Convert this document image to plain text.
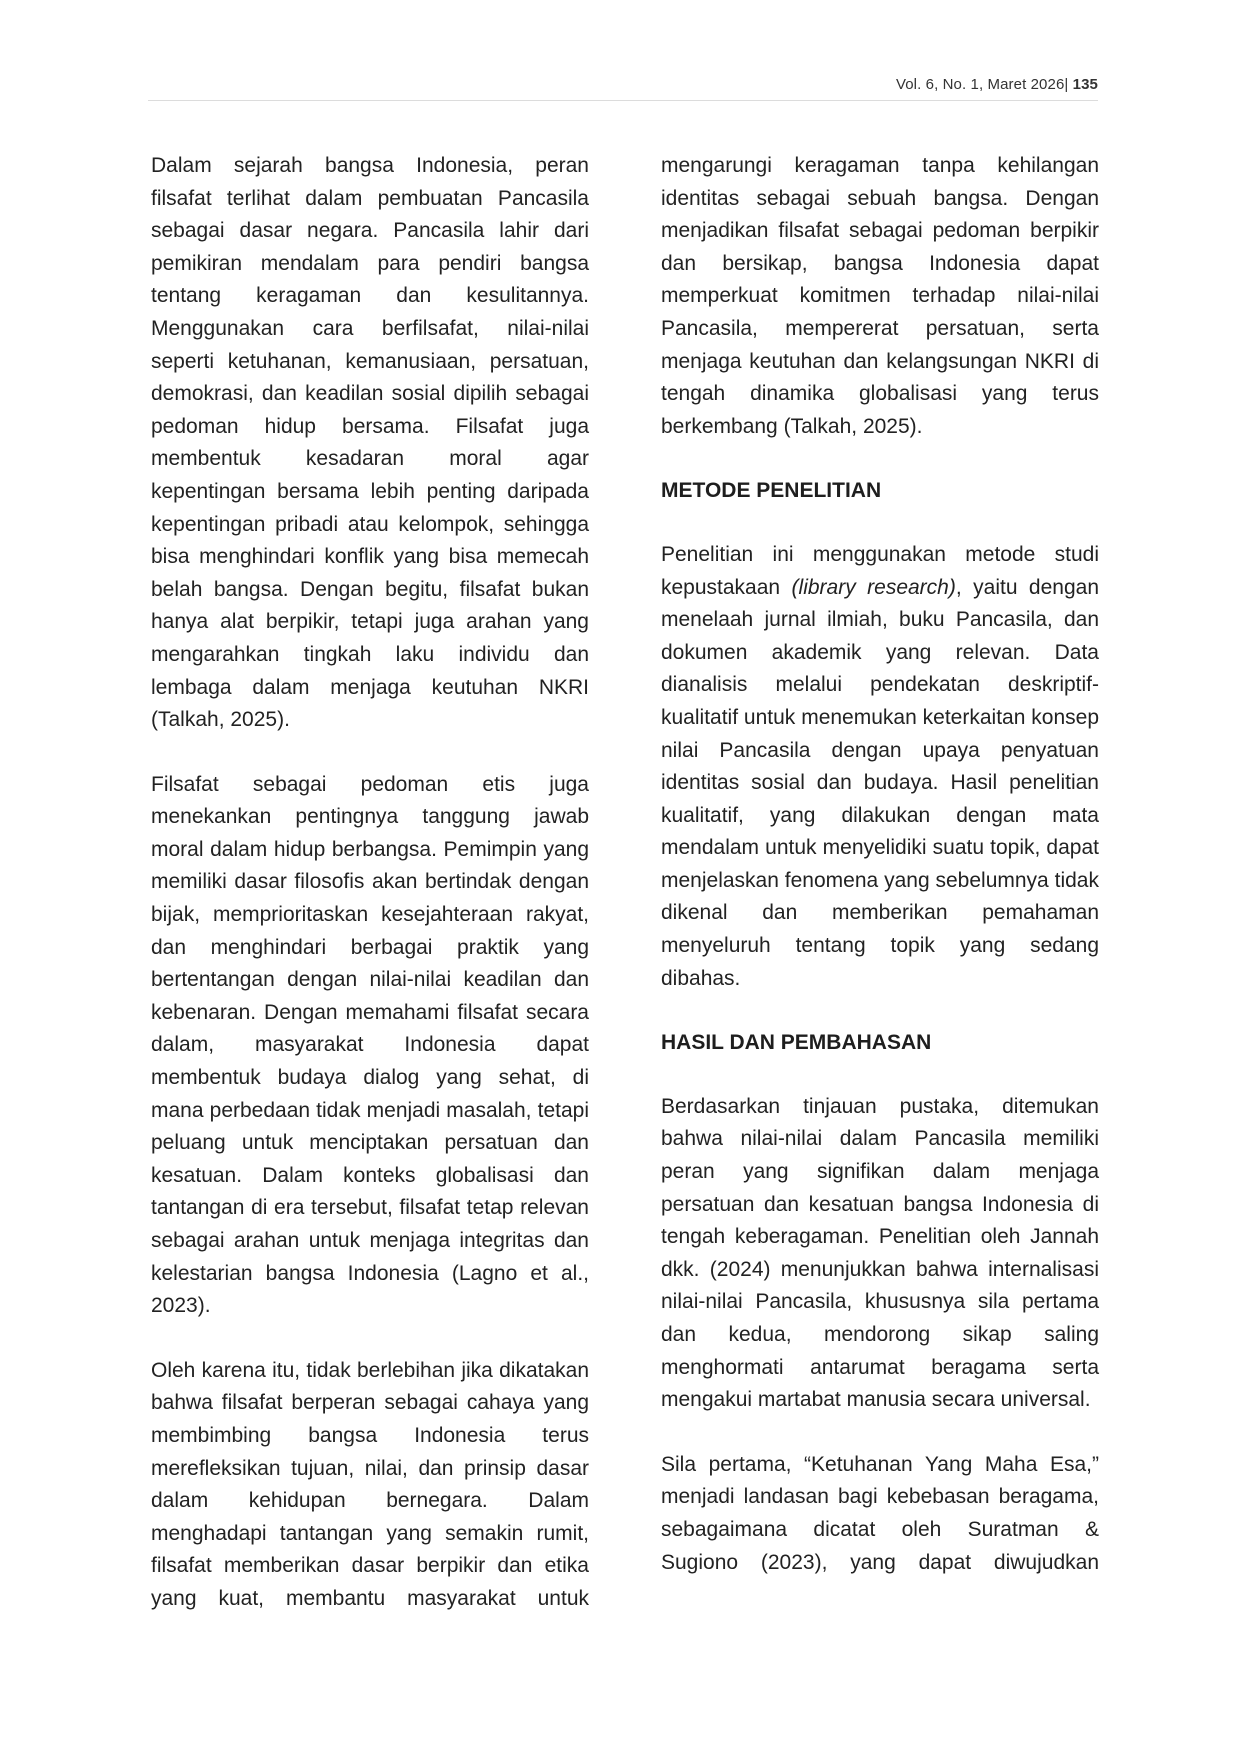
Vol. 6, No. 1, Maret 2026| 135

Dalam sejarah bangsa Indonesia, peran filsafat terlihat dalam pembuatan Pancasila sebagai dasar negara. Pancasila lahir dari pemikiran mendalam para pendiri bangsa tentang keragaman dan kesulitannya. Menggunakan cara berfilsafat, nilai-nilai seperti ketuhanan, kemanusiaan, persatuan, demokrasi, dan keadilan sosial dipilih sebagai pedoman hidup bersama. Filsafat juga membentuk kesadaran moral agar kepentingan bersama lebih penting daripada kepentingan pribadi atau kelompok, sehingga bisa menghindari konflik yang bisa memecah belah bangsa. Dengan begitu, filsafat bukan hanya alat berpikir, tetapi juga arahan yang mengarahkan tingkah laku individu dan lembaga dalam menjaga keutuhan NKRI (Talkah, 2025).

Filsafat sebagai pedoman etis juga menekankan pentingnya tanggung jawab moral dalam hidup berbangsa. Pemimpin yang memiliki dasar filosofis akan bertindak dengan bijak, memprioritaskan kesejahteraan rakyat, dan menghindari berbagai praktik yang bertentangan dengan nilai-nilai keadilan dan kebenaran. Dengan memahami filsafat secara dalam, masyarakat Indonesia dapat membentuk budaya dialog yang sehat, di mana perbedaan tidak menjadi masalah, tetapi peluang untuk menciptakan persatuan dan kesatuan. Dalam konteks globalisasi dan tantangan di era tersebut, filsafat tetap relevan sebagai arahan untuk menjaga integritas dan kelestarian bangsa Indonesia (Lagno et al., 2023).

Oleh karena itu, tidak berlebihan jika dikatakan bahwa filsafat berperan sebagai cahaya yang membimbing bangsa Indonesia terus merefleksikan tujuan, nilai, dan prinsip dasar dalam kehidupan bernegara. Dalam menghadapi tantangan yang semakin rumit, filsafat memberikan dasar berpikir dan etika yang kuat, membantu masyarakat untuk

mengarungi keragaman tanpa kehilangan identitas sebagai sebuah bangsa. Dengan menjadikan filsafat sebagai pedoman berpikir dan bersikap, bangsa Indonesia dapat memperkuat komitmen terhadap nilai-nilai Pancasila, mempererat persatuan, serta menjaga keutuhan dan kelangsungan NKRI di tengah dinamika globalisasi yang terus berkembang (Talkah, 2025).

METODE PENELITIAN

Penelitian ini menggunakan metode studi kepustakaan (library research), yaitu dengan menelaah jurnal ilmiah, buku Pancasila, dan dokumen akademik yang relevan. Data dianalisis melalui pendekatan deskriptif-kualitatif untuk menemukan keterkaitan konsep nilai Pancasila dengan upaya penyatuan identitas sosial dan budaya. Hasil penelitian kualitatif, yang dilakukan dengan mata mendalam untuk menyelidiki suatu topik, dapat menjelaskan fenomena yang sebelumnya tidak dikenal dan memberikan pemahaman menyeluruh tentang topik yang sedang dibahas.

HASIL DAN PEMBAHASAN

Berdasarkan tinjauan pustaka, ditemukan bahwa nilai-nilai dalam Pancasila memiliki peran yang signifikan dalam menjaga persatuan dan kesatuan bangsa Indonesia di tengah keberagaman. Penelitian oleh Jannah dkk. (2024) menunjukkan bahwa internalisasi nilai-nilai Pancasila, khususnya sila pertama dan kedua, mendorong sikap saling menghormati antarumat beragama serta mengakui martabat manusia secara universal.

Sila pertama, “Ketuhanan Yang Maha Esa,” menjadi landasan bagi kebebasan beragama, sebagaimana dicatat oleh Suratman & Sugiono (2023), yang dapat diwujudkan
